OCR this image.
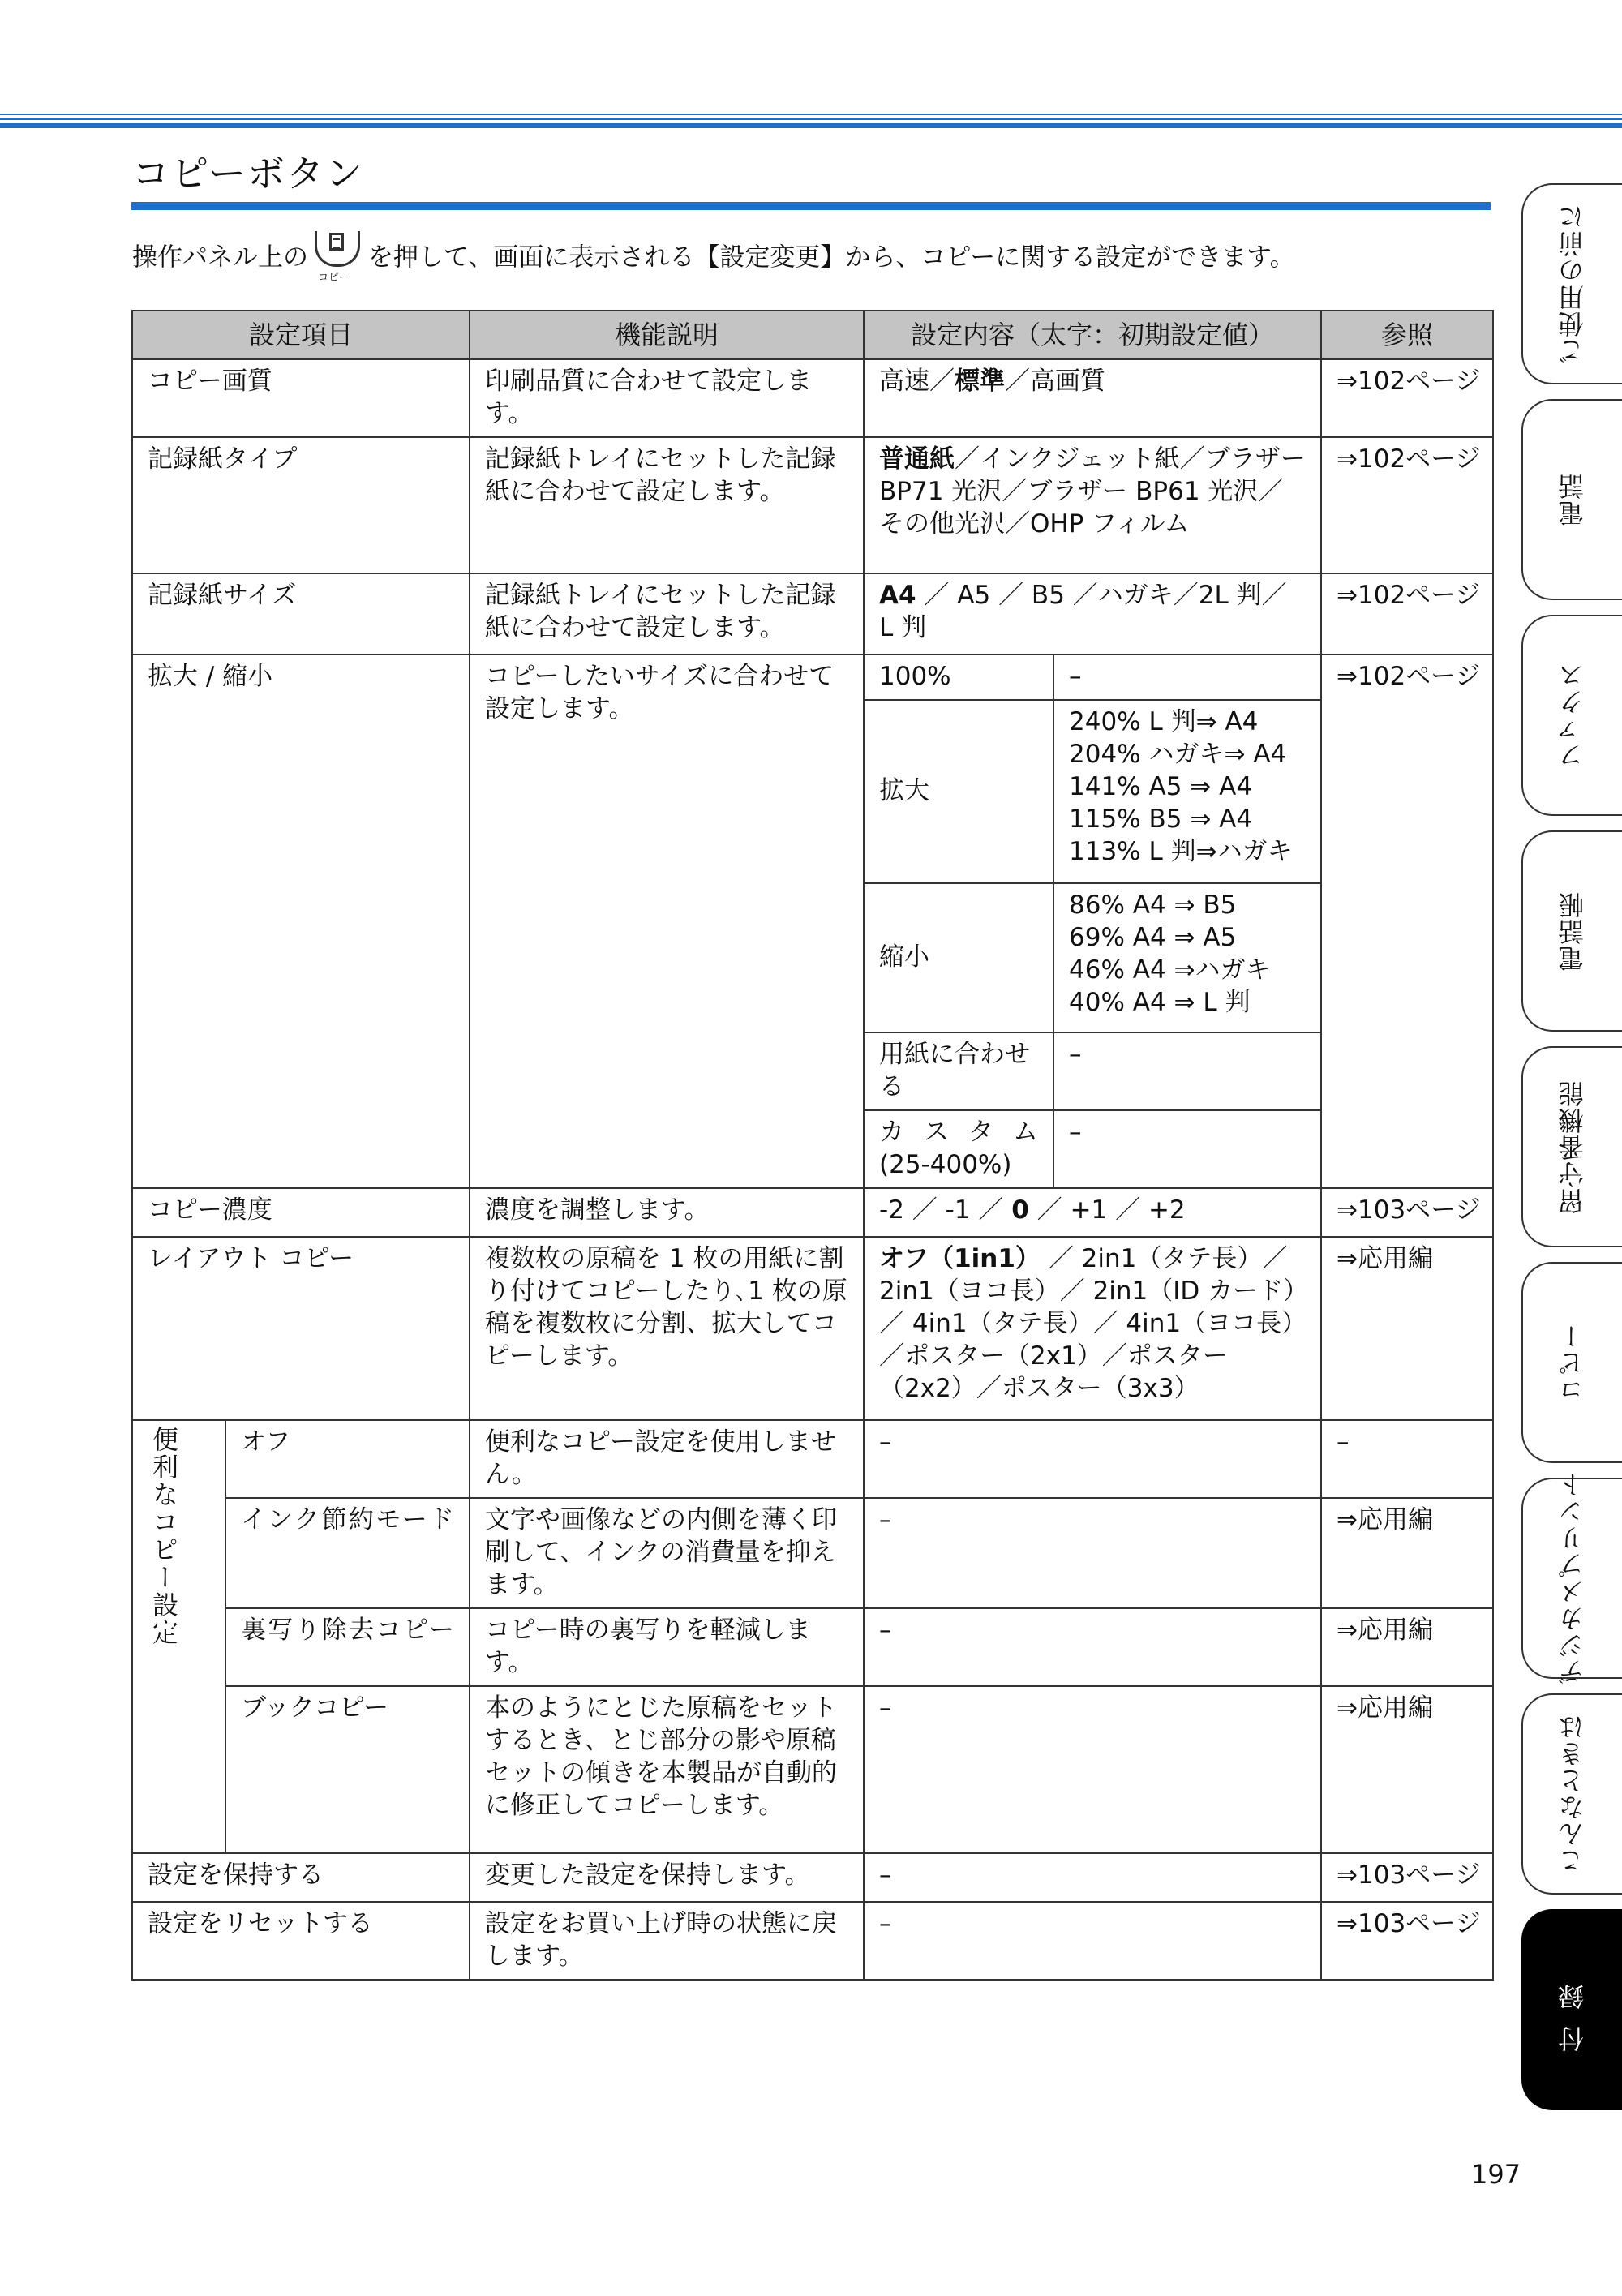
コピーボタン
操作パネル上の
コピー
を押して、画面に表示される【設定変更】から、コピーに関する設定ができます。
設定項目		機能説明	設定内容（太字：初期設定値）		参照
コピー画質		印刷品質に合わせて設定します。	高速／標準／高画質		⇒102ページ
記録紙タイプ		記録紙トレイにセットした記録紙に合わせて設定します。	普通紙／インクジェット紙／ブラザー BP71 光沢／ブラザー BP61 光沢／その他光沢／OHP フィルム		⇒102ページ
記録紙サイズ		記録紙トレイにセットした記録紙に合わせて設定します。	A4 ／ A5 ／ B5 ／ハガキ／2L 判／ L 判		⇒102ページ
拡大 / 縮小		コピーしたいサイズに合わせて設定します。	100%	–	⇒102ページ
			拡大	240% L 判⇒ A4
204% ハガキ⇒ A4
141% A5 ⇒ A4
115% B5 ⇒ A4
113% L 判⇒ハガキ	

			縮小	86% A4 ⇒ B5
69% A4 ⇒ A5
46% A4 ⇒ハガキ
40% A4 ⇒ L 判	

			用紙に合わせる	–	

			カスタム
(25-400%)	–	
コピー濃度		濃度を調整します。	-2 ／ -1 ／ 0 ／ +1 ／ +2		⇒103ページ
レイアウト コピー		複数枚の原稿を 1 枚の用紙に割り付けてコピーしたり､1 枚の原稿を複数枚に分割、拡大してコピーします。	オフ（1in1） ／ 2in1（タテ長）／ 2in1（ヨコ長）／ 2in1（ID カード）／ 4in1（タテ長）／ 4in1（ヨコ長）／ポスター（2x1）／ポスター（2x2）／ポスター（3x3）		⇒応用編
便利なコピー設定	オフ	便利なコピー設定を使用しません。	–		–
	インク節約モード	文字や画像などの内側を薄く印刷して、インクの消費量を抑えます。	–		⇒応用編
	裏写り除去コピー	コピー時の裏写りを軽減します。	–		⇒応用編
	ブックコピー	本のようにとじた原稿をセットするとき、とじ部分の影や原稿セットの傾きを本製品が自動的に修正してコピーします。	–		⇒応用編
設定を保持する		変更した設定を保持します。	–		⇒103ページ
設定をリセットする		設定をお買い上げ時の状態に戻します。	–		⇒103ページ
ご使用の前に
電話
ファクス
電話帳
留守番機能
コピー
デジカメプリント
こんなときは
付録
197
